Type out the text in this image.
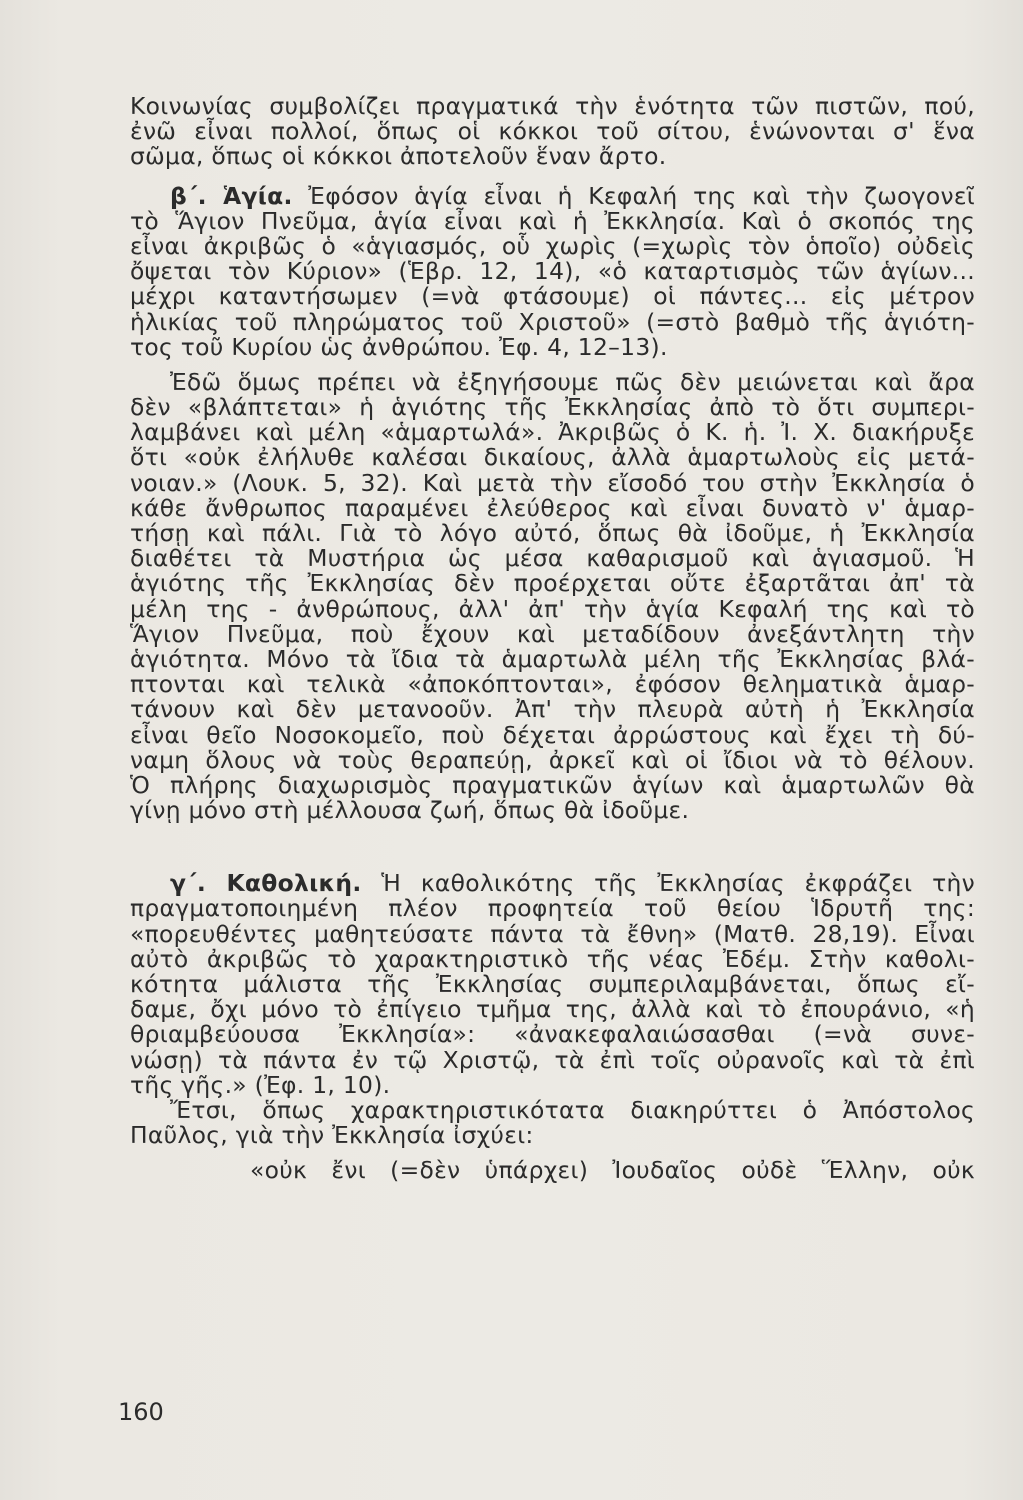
Κοινωνίας συμβολίζει πραγματικά τὴν ἑνότητα τῶν πιστῶν, πού,
ἐνῶ εἶναι πολλοί, ὅπως οἱ κόκκοι τοῦ σίτου, ἑνώνονται σ' ἕνα
σῶμα, ὅπως οἱ κόκκοι ἀποτελοῦν ἕναν ἄρτο.

β΄. Ἁγία. Ἐφόσον ἁγία εἶναι ἡ Κεφαλή της καὶ τὴν ζωογονεῖ
τὸ Ἅγιον Πνεῦμα, ἁγία εἶναι καὶ ἡ Ἐκκλησία. Καὶ ὁ σκοπός της
εἶναι ἀκριβῶς ὁ «ἁγιασμός, οὗ χωρὶς (=χωρὶς τὸν ὁποῖο) οὐδεὶς
ὄψεται τὸν Κύριον» (Ἑβρ. 12, 14), «ὁ καταρτισμὸς τῶν ἁγίων...
μέχρι καταντήσωμεν (=νὰ φτάσουμε) οἱ πάντες... εἰς μέτρον
ἡλικίας τοῦ πληρώματος τοῦ Χριστοῦ» (=στὸ βαθμὸ τῆς ἁγιότη-
τος τοῦ Κυρίου ὡς ἀνθρώπου. Ἐφ. 4, 12–13).

Ἐδῶ ὅμως πρέπει νὰ ἐξηγήσουμε πῶς δὲν μειώνεται καὶ ἄρα
δὲν «βλάπτεται» ἡ ἁγιότης τῆς Ἐκκλησίας ἀπὸ τὸ ὅτι συμπερι-
λαμβάνει καὶ μέλη «ἁμαρτωλά». Ἀκριβῶς ὁ Κ. ἡ. Ἰ. Χ. διακήρυξε
ὅτι «οὐκ ἐλήλυθε καλέσαι δικαίους, ἀλλὰ ἁμαρτωλοὺς εἰς μετά-
νοιαν.» (Λουκ. 5, 32). Καὶ μετὰ τὴν εἴσοδό του στὴν Ἐκκλησία ὁ
κάθε ἄνθρωπος παραμένει ἐλεύθερος καὶ εἶναι δυνατὸ ν' ἁμαρ-
τήσῃ καὶ πάλι. Γιὰ τὸ λόγο αὐτό, ὅπως θὰ ἰδοῦμε, ἡ Ἐκκλησία
διαθέτει τὰ Μυστήρια ὡς μέσα καθαρισμοῦ καὶ ἁγιασμοῦ. Ἡ
ἁγιότης τῆς Ἐκκλησίας δὲν προέρχεται οὔτε ἐξαρτᾶται ἀπ' τὰ
μέλη της - ἀνθρώπους, ἀλλ' ἀπ' τὴν ἁγία Κεφαλή της καὶ τὸ
Ἅγιον Πνεῦμα, ποὺ ἔχουν καὶ μεταδίδουν ἀνεξάντλητη τὴν
ἁγιότητα. Μόνο τὰ ἴδια τὰ ἁμαρτωλὰ μέλη τῆς Ἐκκλησίας βλά-
πτονται καὶ τελικὰ «ἀποκόπτονται», ἐφόσον θεληματικὰ ἁμαρ-
τάνουν καὶ δὲν μετανοοῦν. Ἀπ' τὴν πλευρὰ αὐτὴ ἡ Ἐκκλησία
εἶναι θεῖο Νοσοκομεῖο, ποὺ δέχεται ἀρρώστους καὶ ἔχει τὴ δύ-
ναμη ὅλους νὰ τοὺς θεραπεύῃ, ἀρκεῖ καὶ οἱ ἴδιοι νὰ τὸ θέλουν.
Ὁ πλήρης διαχωρισμὸς πραγματικῶν ἁγίων καὶ ἁμαρτωλῶν θὰ
γίνῃ μόνο στὴ μέλλουσα ζωή, ὅπως θὰ ἰδοῦμε.

γ΄. Καθολική. Ἡ καθολικότης τῆς Ἐκκλησίας ἐκφράζει τὴν
πραγματοποιημένη πλέον προφητεία τοῦ θείου Ἱδρυτῆ της:
«πορευθέντες μαθητεύσατε πάντα τὰ ἔθνη» (Ματθ. 28,19). Εἶναι
αὐτὸ ἀκριβῶς τὸ χαρακτηριστικὸ τῆς νέας Ἐδέμ. Στὴν καθολι-
κότητα μάλιστα τῆς Ἐκκλησίας συμπεριλαμβάνεται, ὅπως εἴ-
δαμε, ὄχι μόνο τὸ ἐπίγειο τμῆμα της, ἀλλὰ καὶ τὸ ἐπουράνιο, «ἡ
θριαμβεύουσα Ἐκκλησία»: «ἀνακεφαλαιώσασθαι (=νὰ συνε-
νώσῃ) τὰ πάντα ἐν τῷ Χριστῷ, τὰ ἐπὶ τοῖς οὐρανοῖς καὶ τὰ ἐπὶ
τῆς γῆς.» (Ἐφ. 1, 10).

Ἔτσι, ὅπως χαρακτηριστικότατα διακηρύττει ὁ Ἀπόστολος
Παῦλος, γιὰ τὴν Ἐκκλησία ἰσχύει:

«οὐκ ἔνι (=δὲν ὑπάρχει) Ἰουδαῖος οὐδὲ Ἕλλην, οὐκ

160
